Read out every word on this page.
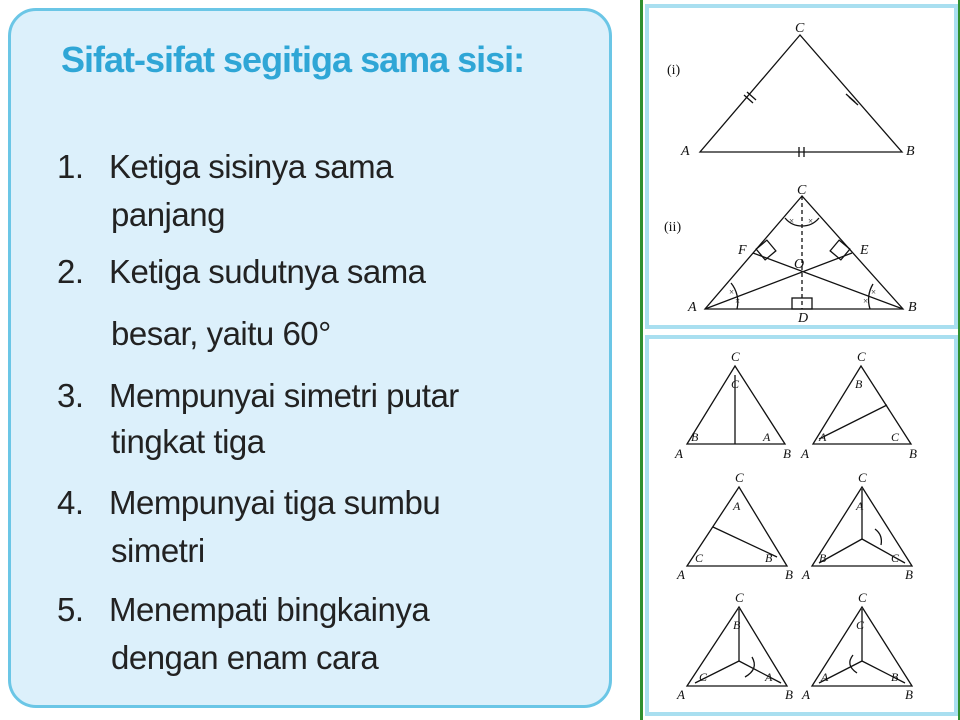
Sifat-sifat segitiga sama sisi:
1. Ketiga sisinya sama
panjang
2. Ketiga sudutnya sama
besar, yaitu 60°
3. Mempunyai simetri putar
tingkat tiga
4. Mempunyai tiga sumbu
simetri
5. Menempati bingkainya
dengan enam cara
(i)
C
A	B
× ×
×
×
×
×
(ii)
C
A	B
D
E
F
O
C
C
B	A
A	B
C
B
A	C
A	B
C
A
C	B
A	B
C
A
B	C
A	B
C
B
C	A
A	B
C
C
A	B
A	B
